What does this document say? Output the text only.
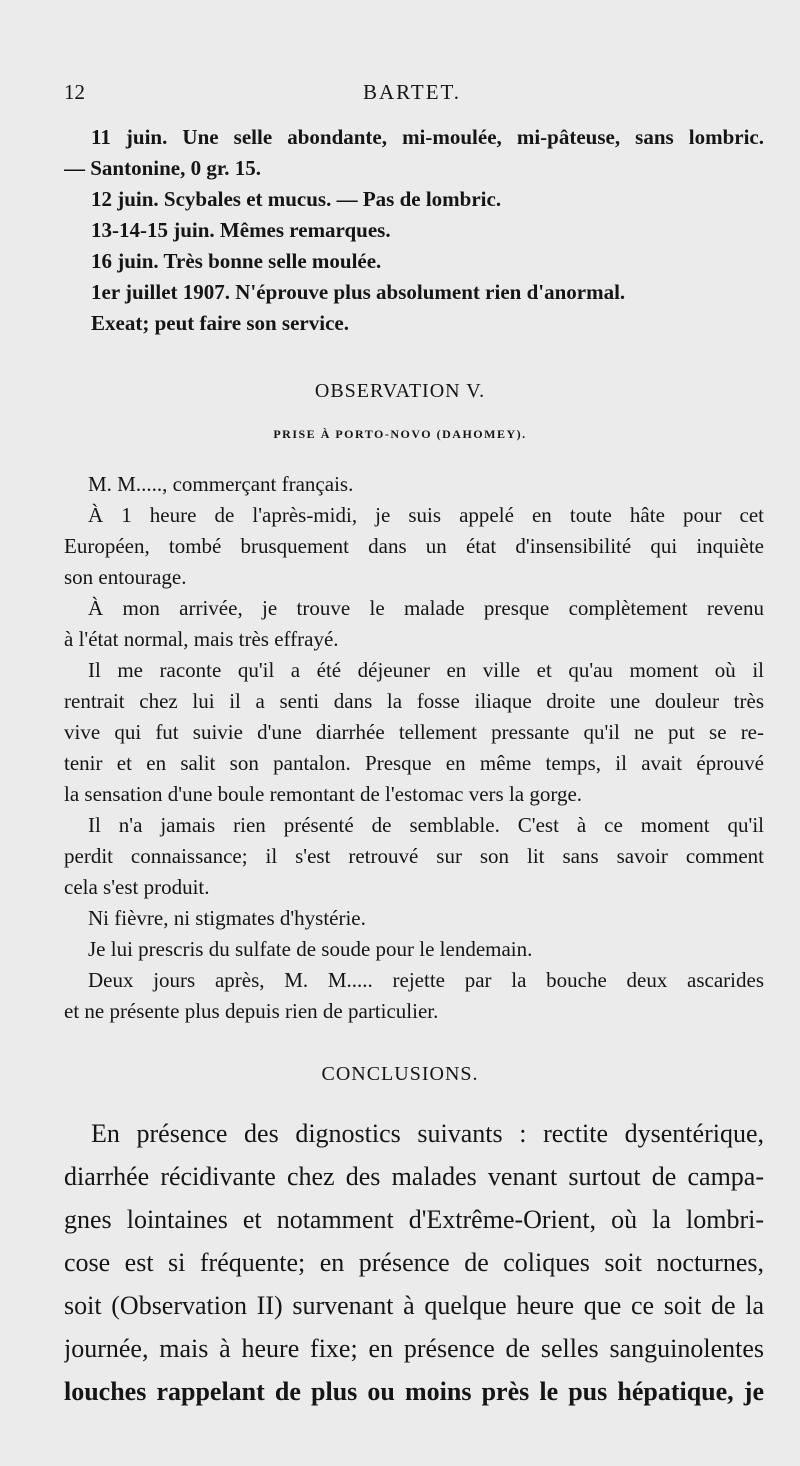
12	BARTET.
11 juin. Une selle abondante, mi-moulée, mi-pâteuse, sans lombric.
— Santonine, 0 gr. 15.
12 juin. Scybales et mucus. — Pas de lombric.
13-14-15 juin. Mêmes remarques.
16 juin. Très bonne selle moulée.
1er juillet 1907. N'éprouve plus absolument rien d'anormal.
Exeat; peut faire son service.
OBSERVATION V.
PRISE À PORTO-NOVO (DAHOMEY).
M. M....., commerçant français.
À 1 heure de l'après-midi, je suis appelé en toute hâte pour cet
Européen, tombé brusquement dans un état d'insensibilité qui inquiète
son entourage.
À mon arrivée, je trouve le malade presque complètement revenu
à l'état normal, mais très effrayé.
Il me raconte qu'il a été déjeuner en ville et qu'au moment où il
rentrait chez lui il a senti dans la fosse iliaque droite une douleur très
vive qui fut suivie d'une diarrhée tellement pressante qu'il ne put se re-
tenir et en salit son pantalon. Presque en même temps, il avait éprouvé
la sensation d'une boule remontant de l'estomac vers la gorge.
Il n'a jamais rien présenté de semblable. C'est à ce moment qu'il
perdit connaissance; il s'est retrouvé sur son lit sans savoir comment
cela s'est produit.
Ni fièvre, ni stigmates d'hystérie.
Je lui prescris du sulfate de soude pour le lendemain.
Deux jours après, M. M..... rejette par la bouche deux ascarides
et ne présente plus depuis rien de particulier.
CONCLUSIONS.
En présence des dignostics suivants : rectite dysentérique,
diarrhée récidivante chez des malades venant surtout de campa-
gnes lointaines et notamment d'Extrême-Orient, où la lombri-
cose est si fréquente; en présence de coliques soit nocturnes,
soit (Observation II) survenant à quelque heure que ce soit de la
journée, mais à heure fixe; en présence de selles sanguinolentes
louches rappelant de plus ou moins près le pus hépatique, je
